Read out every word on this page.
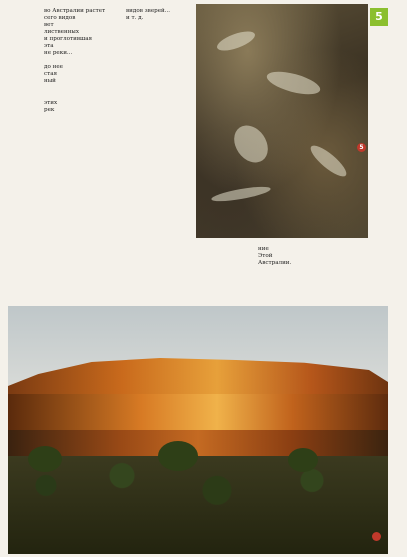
во Австралии растет
сего видов
вет
лиственных
и проглотившая
эта
не реки...

до нее
стая
ный

этих
рек
видов зверей...
и т. д.
5
5
ние
Этой
Австралии.
